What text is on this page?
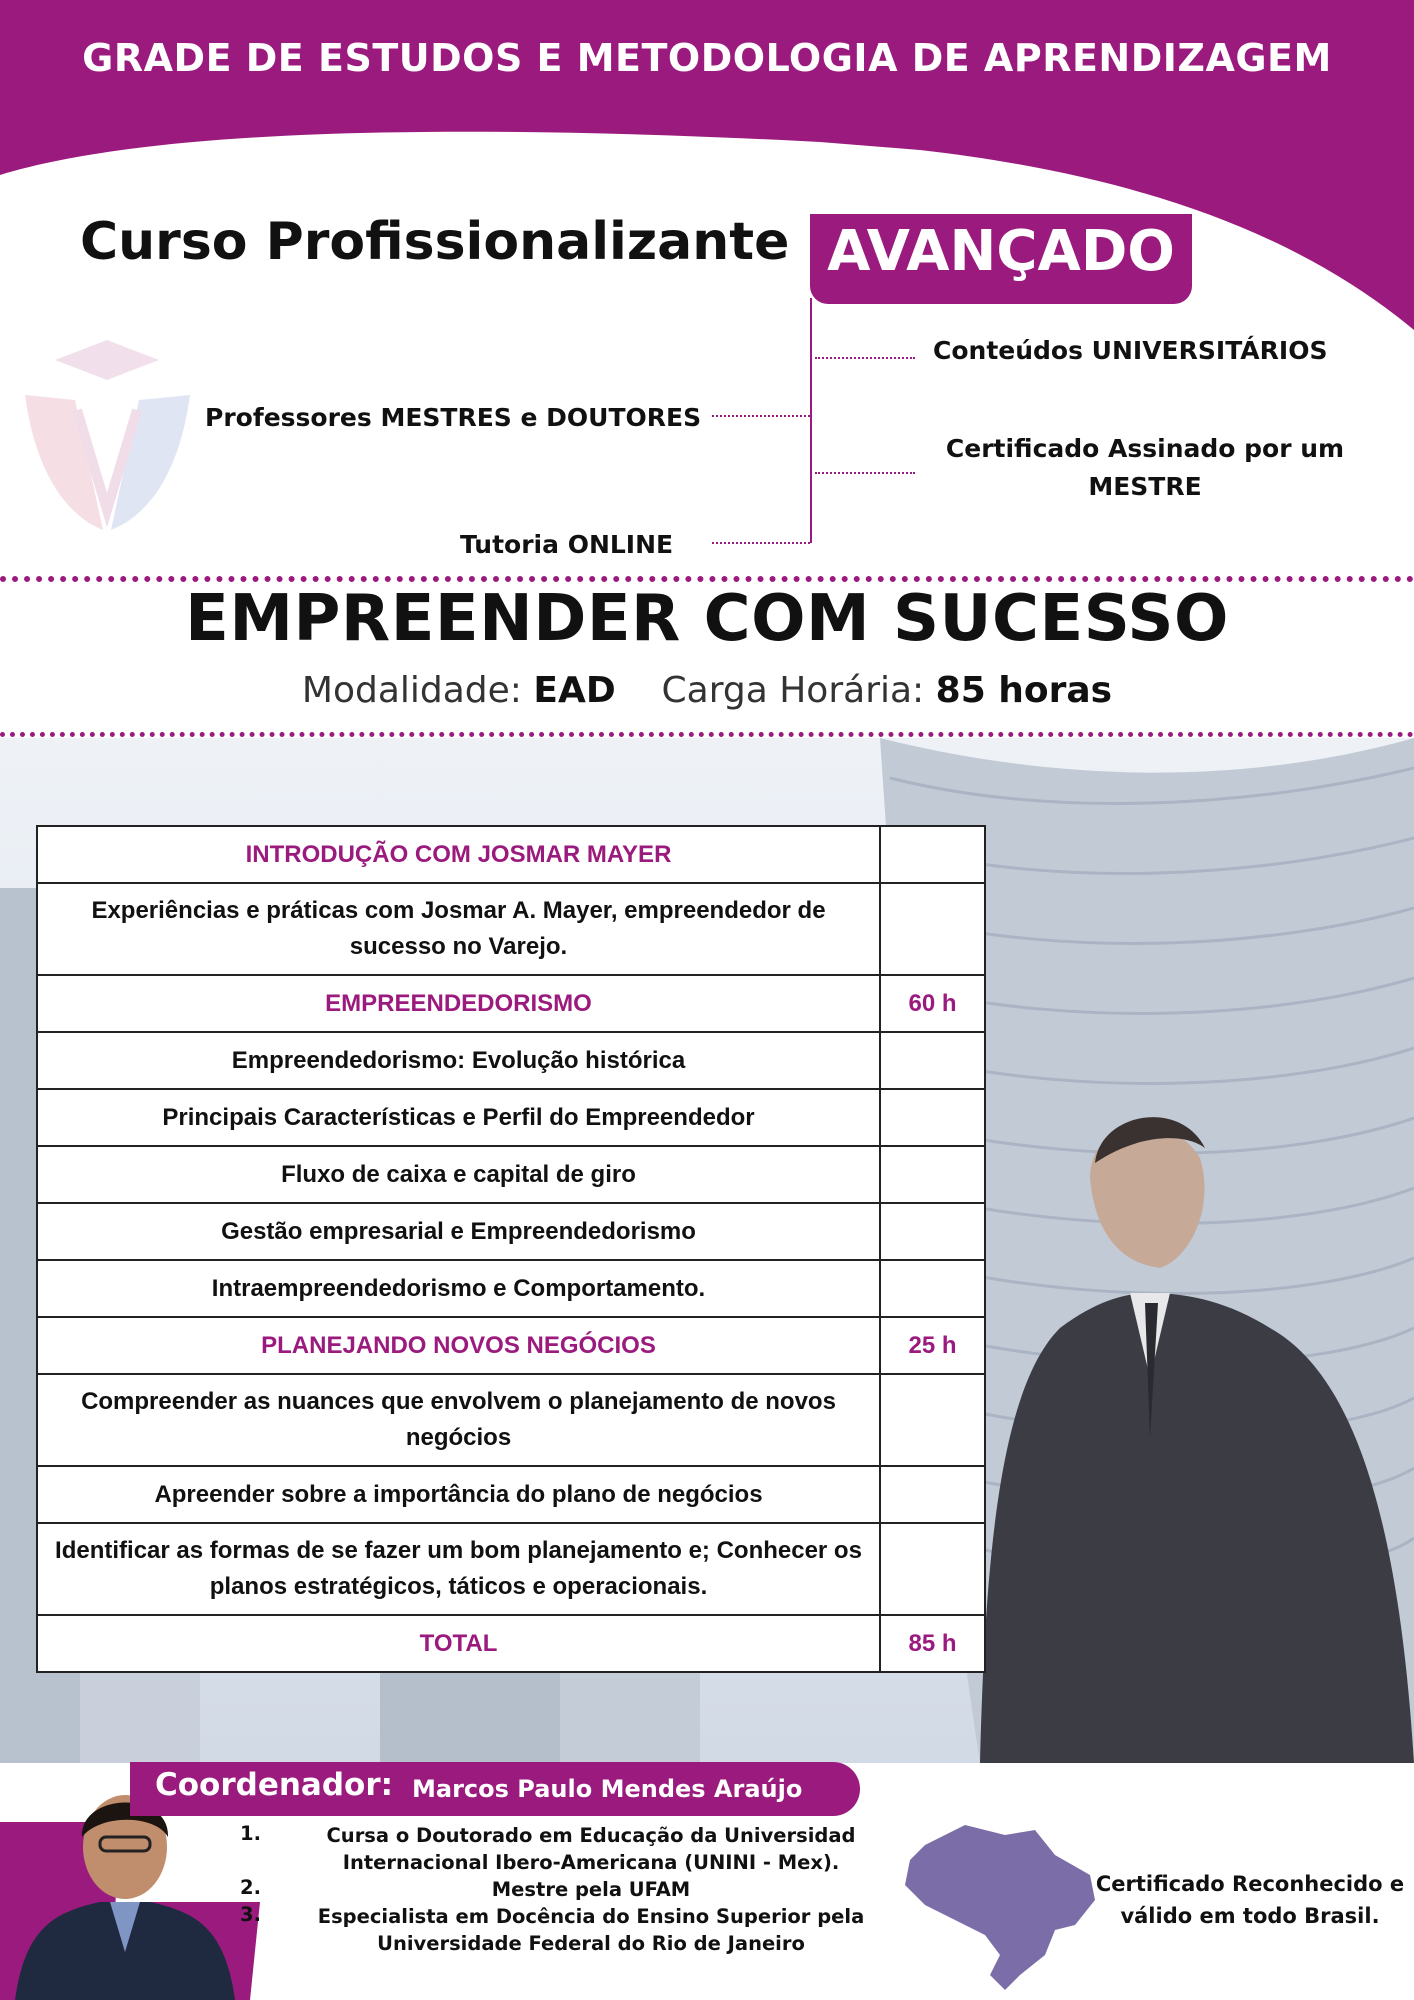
GRADE DE ESTUDOS E METODOLOGIA DE APRENDIZAGEM
Curso Profissionalizante AVANÇADO
Conteúdos UNIVERSITÁRIOS
Professores MESTRES e DOUTORES
Certificado Assinado por um MESTRE
Tutoria ONLINE
EMPREENDER COM SUCESSO
Modalidade: EAD Carga Horária: 85 horas
INTRODUÇÃO COM JOSMAR MAYER	
Experiências e práticas com Josmar A. Mayer, empreendedor de sucesso no Varejo.	
EMPREENDEDORISMO	60 h
Empreendedorismo: Evolução histórica	
Principais Características e Perfil do Empreendedor	
Fluxo de caixa e capital de giro	
Gestão empresarial e Empreendedorismo	
Intraempreendedorismo e Comportamento.	
PLANEJANDO NOVOS NEGÓCIOS	25 h
Compreender as nuances que envolvem o planejamento de novos negócios	
Apreender sobre a importância do plano de negócios	
Identificar as formas de se fazer um bom planejamento e; Conhecer os planos estratégicos, táticos e operacionais.	
TOTAL	85 h
Coordenador: Marcos Paulo Mendes Araújo
1.	Cursa o Doutorado em Educação da Universidad Internacional Ibero-Americana (UNINI - Mex).
2.	Mestre pela UFAM
3.	Especialista em Docência do Ensino Superior pela Universidade Federal do Rio de Janeiro
Certificado Reconhecido e válido em todo Brasil.
